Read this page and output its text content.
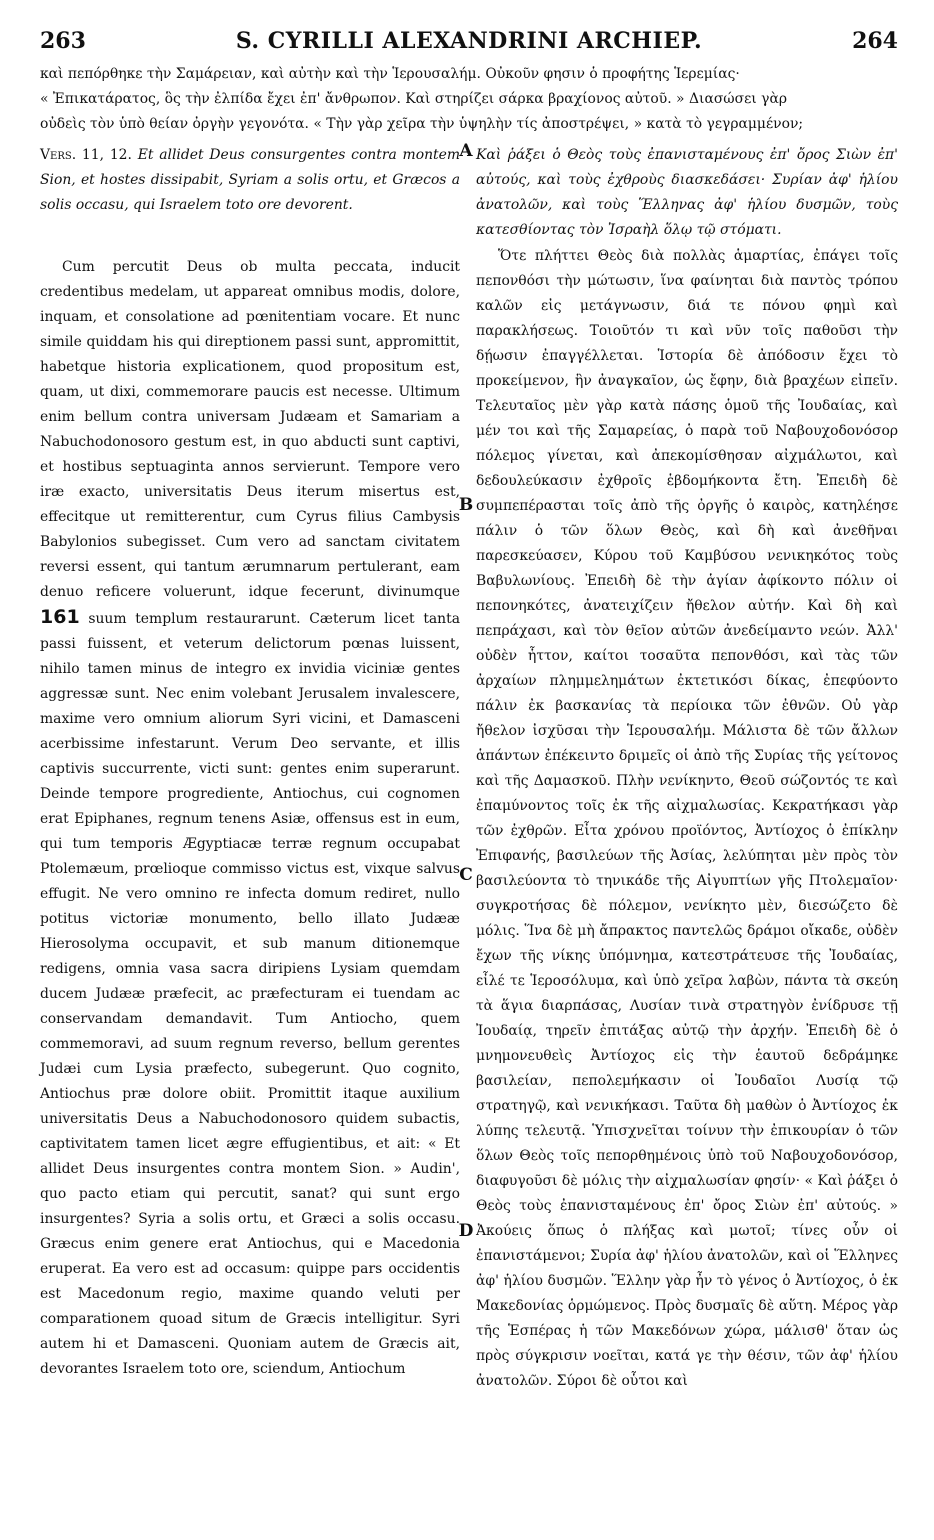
263	S. CYRILLI ALEXANDRINI ARCHIEP.	264
καὶ πεπόρθηκε τὴν Σαμάρειαν, καὶ αὐτὴν καὶ τὴν Ἱερουσαλήμ. Οὐκοῦν φησιν ὁ προφήτης Ἱερεμίας·
« Ἐπικατάρατος, ὃς τὴν ἐλπίδα ἔχει ἐπ' ἄνθρωπον. Καὶ στηρίζει σάρκα βραχίονος αὐτοῦ. » Διασώσει γὰρ
οὐδεὶς τὸν ὑπὸ θείαν ὀργὴν γεγονότα. « Τὴν γὰρ χεῖρα τὴν ὑψηλὴν τίς ἀποστρέψει, » κατὰ τὸ γεγραμμένον;
Vers. 11, 12. Et allidet Deus consurgentes contra montem Sion, et hostes dissipabit, Syriam a solis ortu, et Græcos a solis occasu, qui Israelem toto ore devorent.
Καὶ ῥάξει ὁ Θεὸς τοὺς ἐπανισταμένους ἐπ' ὄρος Σιὼν ἐπ' αὐτούς, καὶ τοὺς ἐχθροὺς διασκεδάσει· Συρίαν ἀφ' ἡλίου ἀνατολῶν, καὶ τοὺς Ἕλληνας ἀφ' ἡλίου δυσμῶν, τοὺς κατεσθίοντας τὸν Ἰσραὴλ ὅλῳ τῷ στόματι.

Cum percutit Deus ob multa peccata, inducit credentibus medelam, ut appareat omnibus modis, dolore, inquam, et consolatione ad pœnitentiam vocare. Et nunc simile quiddam his qui direptionem passi sunt, appromittit, habetque historia explicationem, quod propositum est, quam, ut dixi, commemorare paucis est necesse. Ultimum enim bellum contra universam Judæam et Samariam a Nabuchodonosoro gestum est, in quo abducti sunt captivi, et hostibus septuaginta annos servierunt. Tempore vero iræ exacto, universitatis Deus iterum misertus est, effecitque ut remitterentur, cum Cyrus filius Cambysis Babylonios subegisset. Cum vero ad sanctam civitatem reversi essent, qui tantum ærumnarum pertulerant, eam denuo reficere voluerunt, idque fecerunt, divinumque 161 suum templum restaurarunt. Cæterum licet tanta passi fuissent, et veterum delictorum pœnas luissent, nihilo tamen minus de integro ex invidia viciniæ gentes aggressæ sunt. Nec enim volebant Jerusalem invalescere, maxime vero omnium aliorum Syri vicini, et Damasceni acerbissime infestarunt. Verum Deo servante, et illis captivis succurrente, victi sunt: gentes enim superarunt. Deinde tempore progrediente, Antiochus, cui cognomen erat Epiphanes, regnum tenens Asiæ, offensus est in eum, qui tum temporis Ægyptiacæ terræ regnum occupabat Ptolemæum, prœlioque commisso victus est, vixque salvus effugit. Ne vero omnino re infecta domum rediret, nullo potitus victoriæ monumento, bello illato Judææ Hierosolyma occupavit, et sub manum ditionemque redigens, omnia vasa sacra diripiens Lysiam quemdam ducem Judææ præfecit, ac præfecturam ei tuendam ac conservandam demandavit. Tum Antiocho, quem commemoravi, ad suum regnum reverso, bellum gerentes Judæi cum Lysia præfecto, subegerunt. Quo cognito, Antiochus præ dolore obiit. Promittit itaque auxilium universitatis Deus a Nabuchodonosoro quidem subactis, captivitatem tamen licet ægre effugientibus, et ait: « Et allidet Deus insurgentes contra montem Sion. » Audin', quo pacto etiam qui percutit, sanat? qui sunt ergo insurgentes? Syria a solis ortu, et Græci a solis occasu. Græcus enim genere erat Antiochus, qui e Macedonia eruperat. Ea vero est ad occasum: quippe pars occidentis est Macedonum regio, maxime quando veluti per comparationem quoad situm de Græcis intelligitur. Syri autem hi et Damasceni. Quoniam autem de Græcis ait, devorantes Israelem toto ore, sciendum, Antiochum

Ὅτε πλήττει Θεὸς διὰ πολλὰς ἁμαρτίας, ἐπάγει τοῖς πεπονθόσι τὴν μώτωσιν, ἵνα φαίνηται διὰ παντὸς τρόπου καλῶν εἰς μετάγνωσιν, διά τε πόνου φημὶ καὶ παρακλήσεως. Τοιοῦτόν τι καὶ νῦν τοῖς παθοῦσι τὴν δῄωσιν ἐπαγγέλλεται. Ἱστορία δὲ ἀπόδοσιν ἔχει τὸ προκείμενον, ἣν ἀναγκαῖον, ὡς ἔφην, διὰ βραχέων εἰπεῖν. Τελευταῖος μὲν γὰρ κατὰ πάσης ὁμοῦ τῆς Ἰουδαίας, καὶ μέν τοι καὶ τῆς Σαμαρείας, ὁ παρὰ τοῦ Ναβουχοδονόσορ πόλεμος γίνεται, καὶ ἀπεκομίσθησαν αἰχμάλωτοι, καὶ δεδουλεύκασιν ἐχθροῖς ἑβδομήκοντα ἔτη. Ἐπειδὴ δὲ συμπεπέρασται τοῖς ἀπὸ τῆς ὀργῆς ὁ καιρὸς, κατηλέησε πάλιν ὁ τῶν ὅλων Θεὸς, καὶ δὴ καὶ ἀνεθῆναι παρεσκεύασεν, Κύρου τοῦ Καμβύσου νενικηκότος τοὺς Βαβυλωνίους. Ἐπειδὴ δὲ τὴν ἁγίαν ἀφίκοντο πόλιν οἱ πεπονηκότες, ἀνατειχίζειν ἤθελον αὐτήν. Καὶ δὴ καὶ πεπράχασι, καὶ τὸν θεῖον αὐτῶν ἀνεδείμαντο νεών. Ἀλλ' οὐδὲν ἧττον, καίτοι τοσαῦτα πεπονθόσι, καὶ τὰς τῶν ἀρχαίων πλημμελημάτων ἐκτετικόσι δίκας, ἐπεφύοντο πάλιν ἐκ βασκανίας τὰ περίοικα τῶν ἐθνῶν. Οὐ γὰρ ἤθελον ἰσχῦσαι τὴν Ἱερουσαλήμ. Μάλιστα δὲ τῶν ἄλλων ἁπάντων ἐπέκειντο δριμεῖς οἱ ἀπὸ τῆς Συρίας τῆς γείτονος καὶ τῆς Δαμασκοῦ. Πλὴν νενίκηντο, Θεοῦ σώζοντός τε καὶ ἐπαμύνοντος τοῖς ἐκ τῆς αἰχμαλωσίας. Κεκρατήκασι γὰρ τῶν ἐχθρῶν. Εἶτα χρόνου προϊόντος, Ἀντίοχος ὁ ἐπίκλην Ἐπιφανής, βασιλεύων τῆς Ἀσίας, λελύπηται μὲν πρὸς τὸν βασιλεύοντα τὸ τηνικάδε τῆς Αἰγυπτίων γῆς Πτολεμαῖον· συγκροτήσας δὲ πόλεμον, νενίκητο μὲν, διεσώζετο δὲ μόλις. Ἵνα δὲ μὴ ἄπρακτος παντελῶς δράμοι οἴκαδε, οὐδὲν ἔχων τῆς νίκης ὑπόμνημα, κατεστράτευσε τῆς Ἰουδαίας, εἶλέ τε Ἱεροσόλυμα, καὶ ὑπὸ χεῖρα λαβὼν, πάντα τὰ σκεύη τὰ ἅγια διαρπάσας, Λυσίαν τινὰ στρατηγὸν ἐνίδρυσε τῇ Ἰουδαίᾳ, τηρεῖν ἐπιτάξας αὐτῷ τὴν ἀρχήν. Ἐπειδὴ δὲ ὁ μνημονευθεὶς Ἀντίοχος εἰς τὴν ἑαυτοῦ δεδράμηκε βασιλείαν, πεπολεμήκασιν οἱ Ἰουδαῖοι Λυσίᾳ τῷ στρατηγῷ, καὶ νενικήκασι. Ταῦτα δὴ μαθὼν ὁ Ἀντίοχος ἐκ λύπης τελευτᾷ. Ὑπισχνεῖται τοίνυν τὴν ἐπικουρίαν ὁ τῶν ὅλων Θεὸς τοῖς πεπορθημένοις ὑπὸ τοῦ Ναβουχοδονόσορ, διαφυγοῦσι δὲ μόλις τὴν αἰχμαλωσίαν φησίν· « Καὶ ῥάξει ὁ Θεὸς τοὺς ἐπανισταμένους ἐπ' ὄρος Σιὼν ἐπ' αὐτούς. » Ἀκούεις ὅπως ὁ πλήξας καὶ μωτοῖ; τίνες οὖν οἱ ἐπανιστάμενοι; Συρία ἀφ' ἡλίου ἀνατολῶν, καὶ οἱ Ἕλληνες ἀφ' ἡλίου δυσμῶν. Ἕλλην γὰρ ἦν τὸ γένος ὁ Ἀντίοχος, ὁ ἐκ Μακεδονίας ὁρμώμενος. Πρὸς δυσμαῖς δὲ αὕτη. Μέρος γὰρ τῆς Ἑσπέρας ἡ τῶν Μακεδόνων χώρα, μάλισθ' ὅταν ὡς πρὸς σύγκρισιν νοεῖται, κατά γε τὴν θέσιν, τῶν ἀφ' ἡλίου ἀνατολῶν. Σύροι δὲ οὗτοι καὶ

A
B
C
D
